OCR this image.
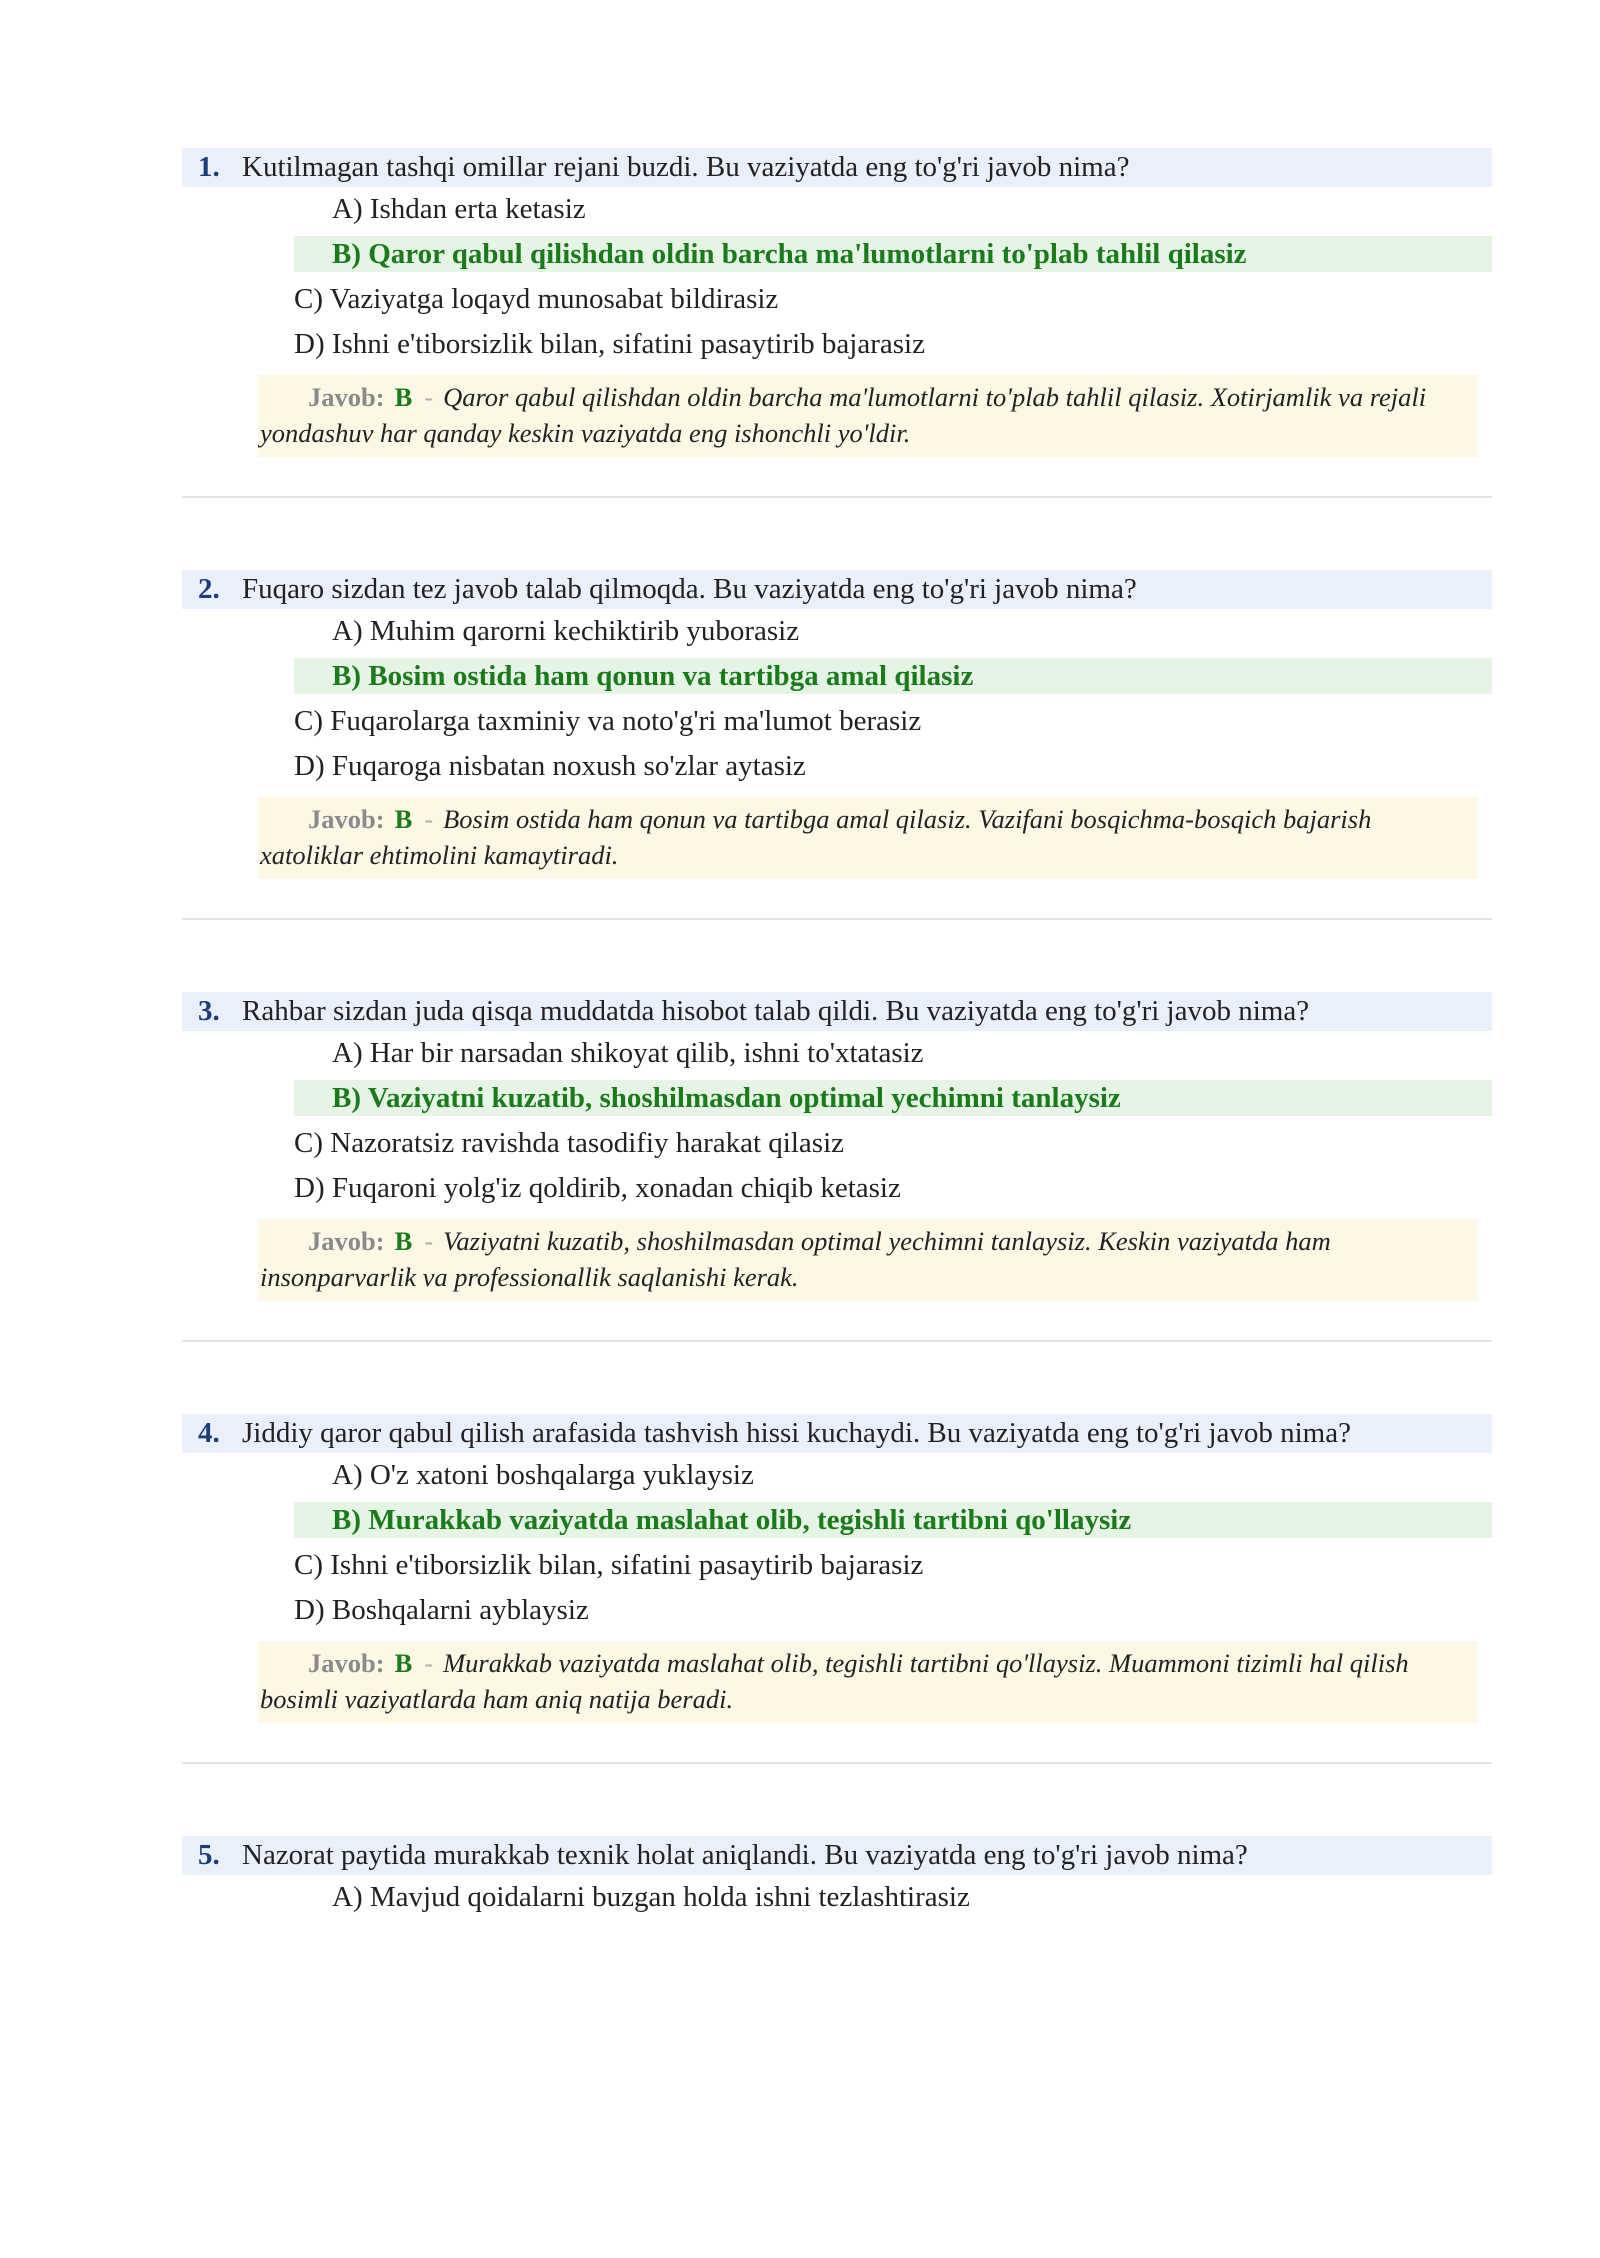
1. Kutilmagan tashqi omillar rejani buzdi. Bu vaziyatda eng to'g'ri javob nima?
A) Ishdan erta ketasiz
B) Qaror qabul qilishdan oldin barcha ma'lumotlarni to'plab tahlil qilasiz
C) Vaziyatga loqayd munosabat bildirasiz
D) Ishni e'tiborsizlik bilan, sifatini pasaytirib bajarasiz
Javob: B - Qaror qabul qilishdan oldin barcha ma'lumotlarni to'plab tahlil qilasiz. Xotirjamlik va rejali yondashuv har qanday keskin vaziyatda eng ishonchli yo'ldir.
2. Fuqaro sizdan tez javob talab qilmoqda. Bu vaziyatda eng to'g'ri javob nima?
A) Muhim qarorni kechiktirib yuborasiz
B) Bosim ostida ham qonun va tartibga amal qilasiz
C) Fuqarolarga taxminiy va noto'g'ri ma'lumot berasiz
D) Fuqaroga nisbatan noxush so'zlar aytasiz
Javob: B - Bosim ostida ham qonun va tartibga amal qilasiz. Vazifani bosqichma-bosqich bajarish xatoliklar ehtimolini kamaytiradi.
3. Rahbar sizdan juda qisqa muddatda hisobot talab qildi. Bu vaziyatda eng to'g'ri javob nima?
A) Har bir narsadan shikoyat qilib, ishni to'xtatasiz
B) Vaziyatni kuzatib, shoshilmasdan optimal yechimni tanlaysiz
C) Nazoratsiz ravishda tasodifiy harakat qilasiz
D) Fuqaroni yolg'iz qoldirib, xonadan chiqib ketasiz
Javob: B - Vaziyatni kuzatib, shoshilmasdan optimal yechimni tanlaysiz. Keskin vaziyatda ham insonparvarlik va professionallik saqlanishi kerak.
4. Jiddiy qaror qabul qilish arafasida tashvish hissi kuchaydi. Bu vaziyatda eng to'g'ri javob nima?
A) O'z xatoni boshqalarga yuklaysiz
B) Murakkab vaziyatda maslahat olib, tegishli tartibni qo'llaysiz
C) Ishni e'tiborsizlik bilan, sifatini pasaytirib bajarasiz
D) Boshqalarni ayblaysiz
Javob: B - Murakkab vaziyatda maslahat olib, tegishli tartibni qo'llaysiz. Muammoni tizimli hal qilish bosimli vaziyatlarda ham aniq natija beradi.
5. Nazorat paytida murakkab texnik holat aniqlandi. Bu vaziyatda eng to'g'ri javob nima?
A) Mavjud qoidalarni buzgan holda ishni tezlashtirasiz
